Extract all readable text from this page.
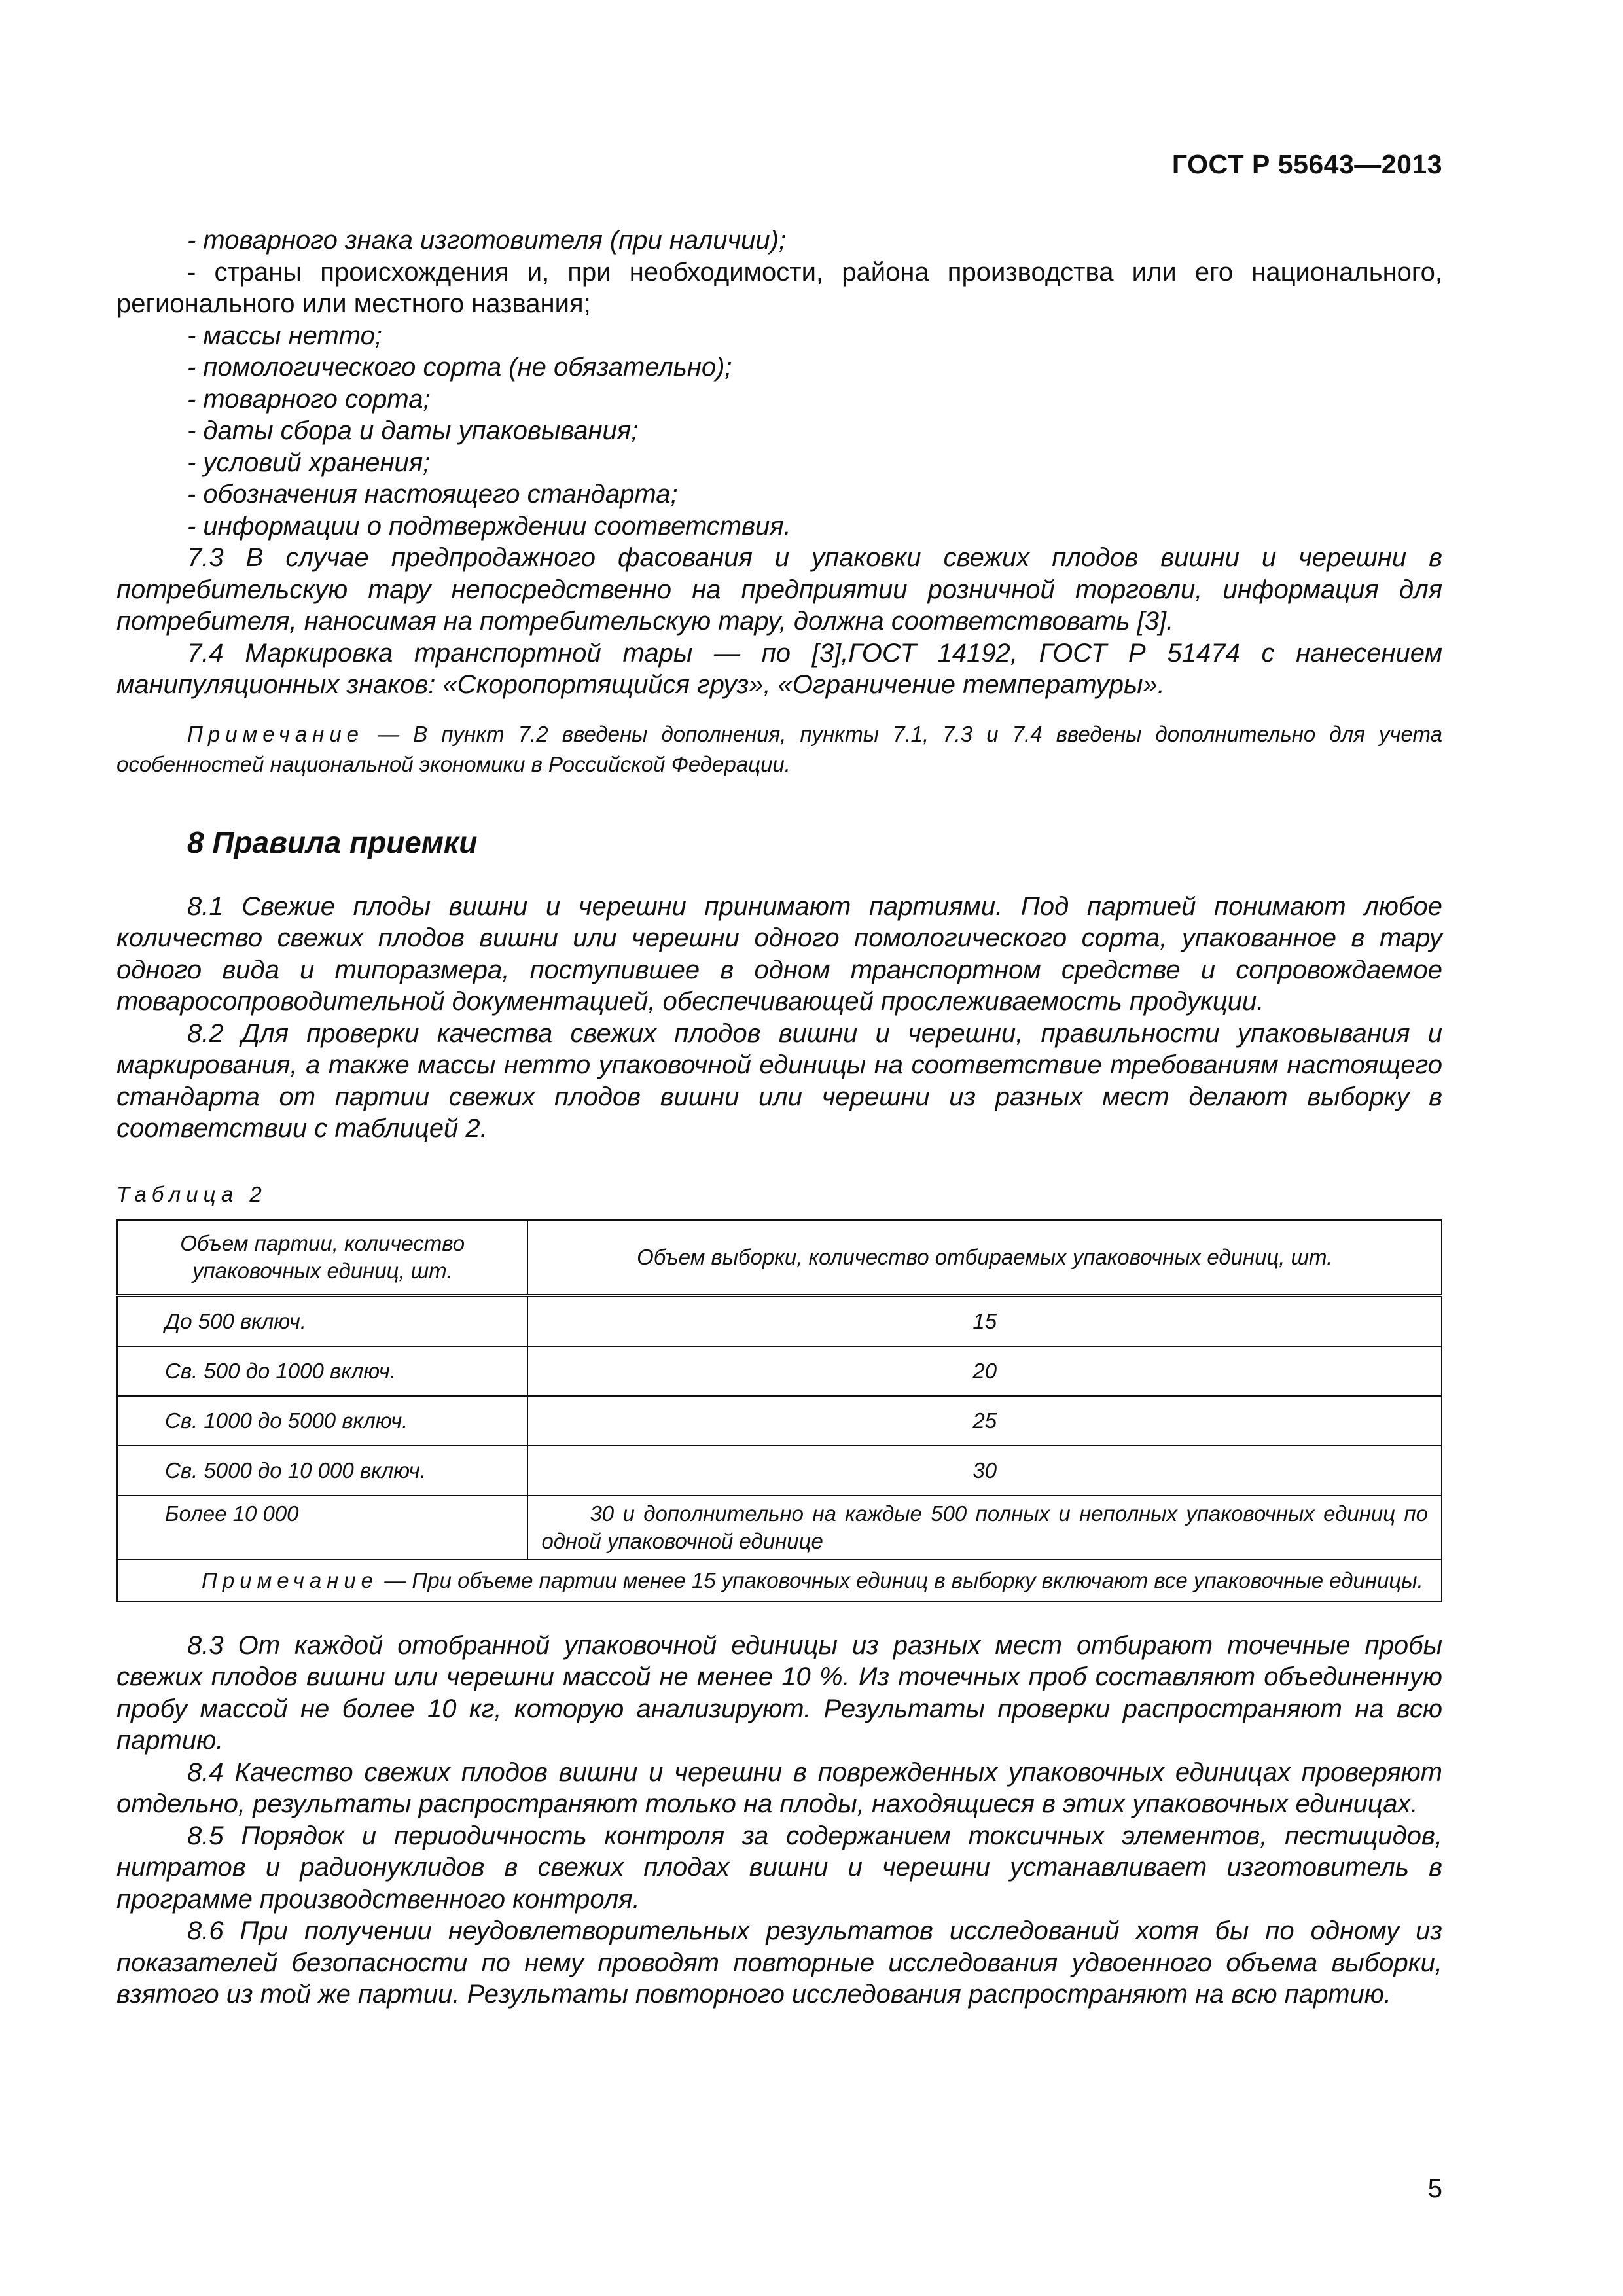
ГОСТ Р 55643—2013

- товарного знака изготовителя (при наличии);

- страны происхождения и, при необходимости, района производства или его национального, регионального или местного названия;

- массы нетто;

- помологического сорта (не обязательно);

- товарного сорта;

- даты сбора и даты упаковывания;

- условий хранения;

- обозначения настоящего стандарта;

- информации о подтверждении соответствия.

7.3 В случае предпродажного фасования и упаковки свежих плодов вишни и черешни в потребительскую тару непосредственно на предприятии розничной торговли, информация для потребителя, наносимая на потребительскую тару, должна соответствовать [3].

7.4 Маркировка транспортной тары — по [3],ГОСТ 14192, ГОСТ Р 51474 с нанесением манипуляционных знаков: «Скоропортящийся груз», «Ограничение температуры».

Примечание — В пункт 7.2 введены дополнения, пункты 7.1, 7.3 и 7.4 введены дополнительно для учета особенностей национальной экономики в Российской Федерации.

8 Правила приемки

8.1 Свежие плоды вишни и черешни принимают партиями. Под партией понимают любое количество свежих плодов вишни или черешни одного помологического сорта, упакованное в тару одного вида и типоразмера, поступившее в одном транспортном средстве и сопровождаемое товаросопроводительной документацией, обеспечивающей прослеживаемость продукции.

8.2 Для проверки качества свежих плодов вишни и черешни, правильности упаковывания и маркирования, а также массы нетто упаковочной единицы на соответствие требованиям настоящего стандарта от партии свежих плодов вишни или черешни из разных мест делают выборку в соответствии с таблицей 2.

Таблица 2
Объем партии, количество упаковочных единиц, шт.	Объем выборки, количество отбираемых упаковочных единиц, шт.
До 500 включ.	15
Св. 500 до 1000 включ.	20
Св. 1000 до 5000 включ.	25
Св. 5000 до 10 000 включ.	30
Более 10 000	30 и дополнительно на каждые 500 полных и неполных упаковочных единиц по одной упаковочной единице
Примечание — При объеме партии менее 15 упаковочных единиц в выборку включают все упаковочные единицы.	

8.3 От каждой отобранной упаковочной единицы из разных мест отбирают точечные пробы свежих плодов вишни или черешни массой не менее 10 %. Из точечных проб составляют объединенную пробу массой не более 10 кг, которую анализируют. Результаты проверки распространяют на всю партию.

8.4 Качество свежих плодов вишни и черешни в поврежденных упаковочных единицах проверяют отдельно, результаты распространяют только на плоды, находящиеся в этих упаковочных единицах.

8.5 Порядок и периодичность контроля за содержанием токсичных элементов, пестицидов, нитратов и радионуклидов в свежих плодах вишни и черешни устанавливает изготовитель в программе производственного контроля.

8.6 При получении неудовлетворительных результатов исследований хотя бы по одному из показателей безопасности по нему проводят повторные исследования удвоенного объема выборки, взятого из той же партии. Результаты повторного исследования распространяют на всю партию.

5
